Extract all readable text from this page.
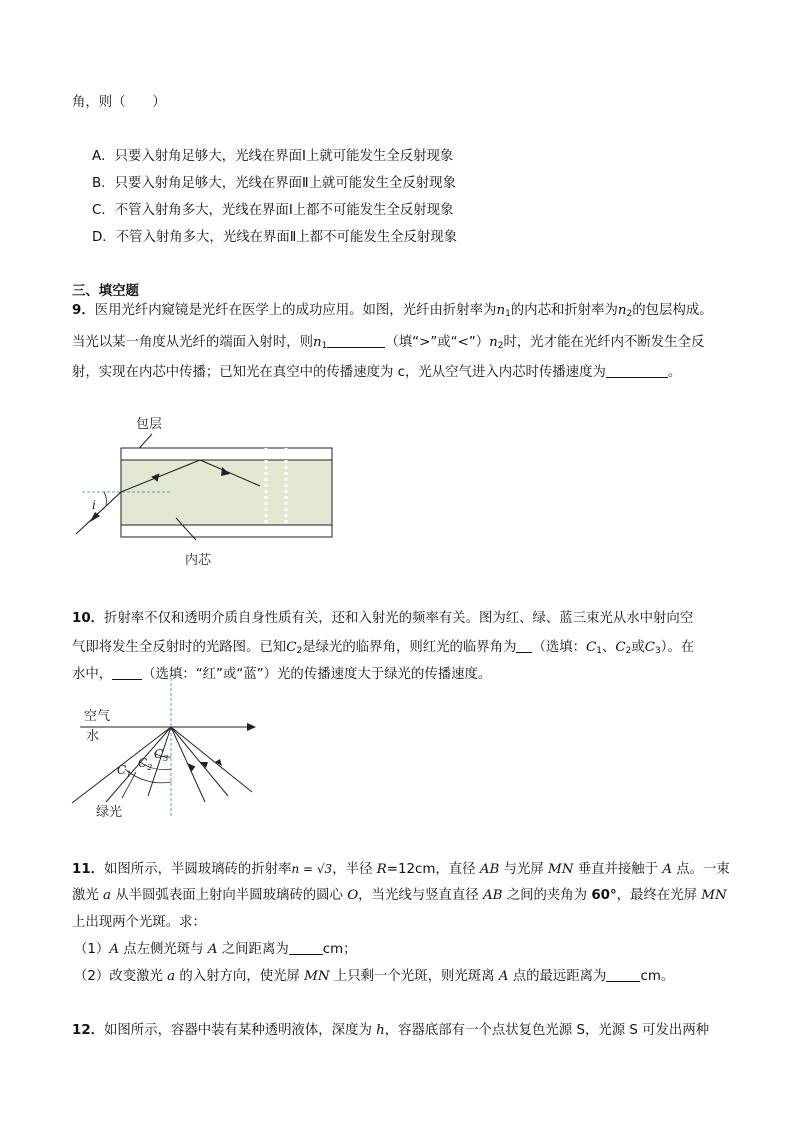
角，则（　　）
A．只要入射角足够大，光线在界面Ⅰ上就可能发生全反射现象
B．只要入射角足够大，光线在界面Ⅱ上就可能发生全反射现象
C．不管入射角多大，光线在界面Ⅰ上都不可能发生全反射现象
D．不管入射角多大，光线在界面Ⅱ上都不可能发生全反射现象
三、填空题
9．医用光纤内窥镜是光纤在医学上的成功应用。如图，光纤由折射率为$n_1$的内芯和折射率为$n_2$的包层构成。
当光以某一角度从光纤的端面入射时，则$n_1$	（填“>”或“$<”)n_2$时，光才能在光纤内不断发生全反
射，实现在内芯中传播；已知光在真空中的传播速度为 c，光从空气进入内芯时传播速度为	。
包层
i
内芯
10．折射率不仅和透明介质自身性质有关，还和入射光的频率有关。图为红、绿、蓝三束光从水中射向空
气即将发生全反射时的光路图。已知$C_2$是绿光的临界角，则红光的临界角为 （选填：$C_1$、$C_2$或$C_3$）。在
水中， （选填：“红”或“蓝”）光的传播速度大于绿光的传播速度。
空气
水
$C_1$
$C_2$
$C_3$
绿光
11．如图所示，半圆玻璃砖的折射率n = √3，半径 R=12cm，直径 AB 与光屏 MN 垂直并接触于 A 点。一束
激光 a 从半圆弧表面上射向半圆玻璃砖的圆心 O，当光线与竖直直径 AB 之间的夹角为 60°，最终在光屏 MN
上出现两个光斑。求：
（1）A 点左侧光斑与 A 之间距离为	cm；
（2）改变激光 a 的入射方向，使光屏 MN 上只剩一个光斑，则光斑离 A 点的最远距离为	cm。
12．如图所示，容器中装有某种透明液体，深度为 h，容器底部有一个点状复色光源 S，光源 S 可发出两种
